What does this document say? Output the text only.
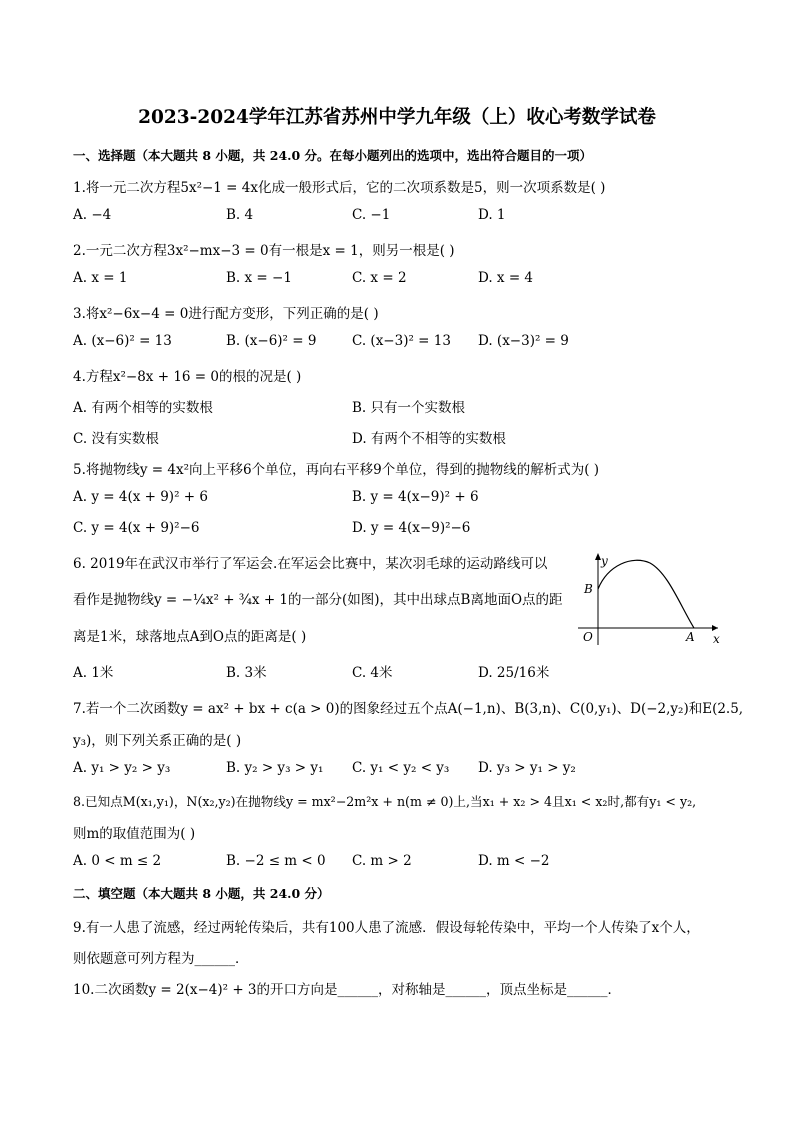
2023-2024学年江苏省苏州中学九年级（上）收心考数学试卷
一、选择题（本大题共 8 小题，共 24.0 分。在每小题列出的选项中，选出符合题目的一项）
1.将一元二次方程5x²−1 = 4x化成一般形式后，它的二次项系数是5，则一次项系数是( )
A. −4	B. 4	C. −1	D. 1
2.一元二次方程3x²−mx−3 = 0有一根是x = 1，则另一根是( )
A. x = 1	B. x = −1	C. x = 2	D. x = 4
3.将x²−6x−4 = 0进行配方变形，下列正确的是( )
A. (x−6)² = 13	B. (x−6)² = 9	C. (x−3)² = 13 D. (x−3)² = 9
4.方程x²−8x + 16 = 0的根的况是( )
A. 有两个相等的实数根	B. 只有一个实数根
C. 没有实数根	D. 有两个不相等的实数根
5.将抛物线y = 4x²向上平移6个单位，再向右平移9个单位，得到的抛物线的解析式为( )
A. y = 4(x + 9)² + 6	B. y = 4(x−9)² + 6
C. y = 4(x + 9)²−6	D. y = 4(x−9)²−6
6. 2019年在武汉市举行了军运会.在军运会比赛中，某次羽毛球的运动路线可以
看作是抛物线y = −¼x² + ¾x + 1的一部分(如图)，其中出球点B离地面O点的距
离是1米，球落地点A到O点的距离是( )
A. 1米	B. 3米	C. 4米	D. 25/16米
y
x
B
O	A
7.若一个二次函数y = ax² + bx + c(a > 0)的图象经过五个点A(−1,n)、B(3,n)、C(0,y₁)、D(−2,y₂)和E(2.5,
y₃)，则下列关系正确的是( )
A. y₁ > y₂ > y₃	B. y₂ > y₃ > y₁ C. y₁ < y₂ < y₃ D. y₃ > y₁ > y₂
8.已知点M(x₁,y₁)，N(x₂,y₂)在抛物线y = mx²−2m²x + n(m ≠ 0)上,当x₁ + x₂ > 4且x₁ < x₂时,都有y₁ < y₂,
则m的取值范围为( )
A. 0 < m ≤ 2	B. −2 ≤ m < 0 C. m > 2	D. m < −2
二、填空题（本大题共 8 小题，共 24.0 分）
9.有一人患了流感，经过两轮传染后，共有100人患了流感．假设每轮传染中，平均一个人传染了x个人，
则依题意可列方程为______．
10.二次函数y = 2(x−4)² + 3的开口方向是______，对称轴是______，顶点坐标是______．
